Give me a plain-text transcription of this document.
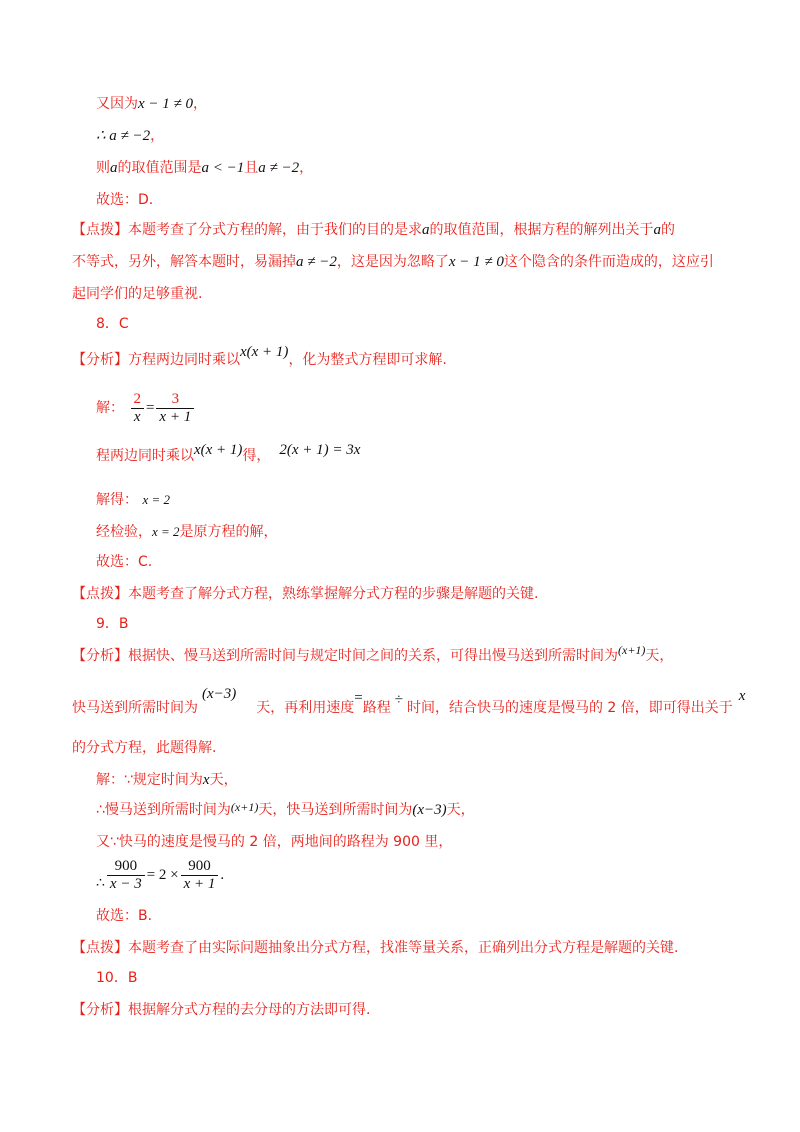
又因为x − 1 ≠ 0，
∴ a ≠ −2，
则a的取值范围是a < −1且a ≠ −2，
故选：D.
【点拨】本题考查了分式方程的解，由于我们的目的是求a的取值范围，根据方程的解列出关于a的
不等式，另外，解答本题时，易漏掉a ≠ −2，这是因为忽略了x − 1 ≠ 0这个隐含的条件而造成的，这应引
起同学们的足够重视.
8．C
【分析】方程两边同时乘以x(x + 1)，化为整式方程即可求解.
解： $\frac{2}{x} = \frac{3}{x + 1}$
程两边同时乘以x(x + 1)得， 2(x + 1) = 3x
解得： x = 2
经检验，x = 2是原方程的解，
故选：C.
【点拨】本题考查了解分式方程，熟练掌握解分式方程的步骤是解题的关键.
9．B
【分析】根据快、慢马送到所需时间与规定时间之间的关系，可得出慢马送到所需时间为(x+1)天，
快马送到所需时间为(x−3)天，再利用速度=路程 ÷ 时间，结合快马的速度是慢马的 2 倍，即可得出关于x
的分式方程，此题得解.
解：∵规定时间为x天，
∴慢马送到所需时间为(x+1)天，快马送到所需时间为(x−3)天，
又∵快马的速度是慢马的 2 倍，两地间的路程为 900 里，
∴ $\frac{900}{x - 3} = 2 \times \frac{900}{x + 1}$ .
故选：B.
【点拨】本题考查了由实际问题抽象出分式方程，找准等量关系，正确列出分式方程是解题的关键.
10．B
【分析】根据解分式方程的去分母的方法即可得.
